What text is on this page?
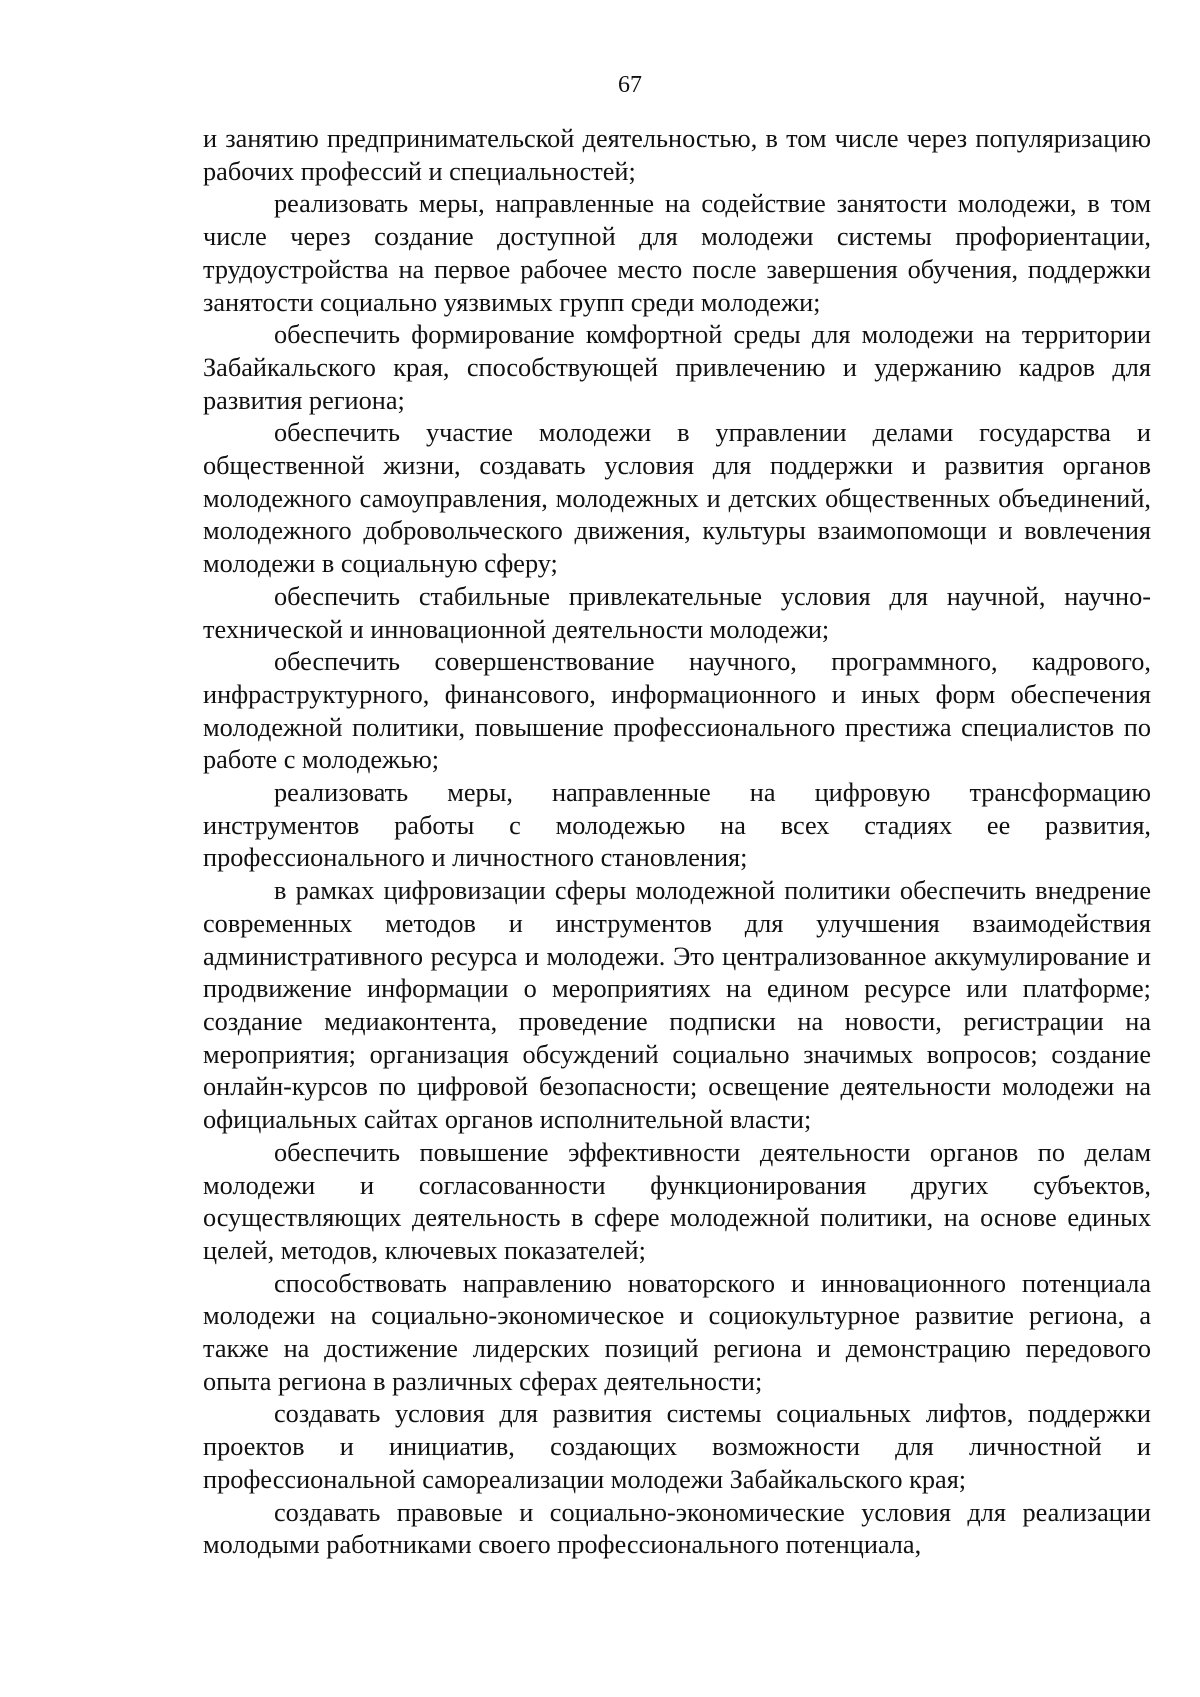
67

и занятию предпринимательской деятельностью, в том числе через популяризацию рабочих профессий и специальностей;

реализовать меры, направленные на содействие занятости молодежи, в том числе через создание доступной для молодежи системы профориентации, трудоустройства на первое рабочее место после завершения обучения, поддержки занятости социально уязвимых групп среди молодежи;

обеспечить формирование комфортной среды для молодежи на территории Забайкальского края, способствующей привлечению и удержанию кадров для развития региона;

обеспечить участие молодежи в управлении делами государства и общественной жизни, создавать условия для поддержки и развития органов молодежного самоуправления, молодежных и детских общественных объединений, молодежного добровольческого движения, культуры взаимопомощи и вовлечения молодежи в социальную сферу;

обеспечить стабильные привлекательные условия для научной, научно-технической и инновационной деятельности молодежи;

обеспечить совершенствование научного, программного, кадрового, инфраструктурного, финансового, информационного и иных форм обеспечения молодежной политики, повышение профессионального престижа специалистов по работе с молодежью;

реализовать меры, направленные на цифровую трансформацию инструментов работы с молодежью на всех стадиях ее развития, профессионального и личностного становления;

в рамках цифровизации сферы молодежной политики обеспечить внедрение современных методов и инструментов для улучшения взаимодействия административного ресурса и молодежи. Это централизованное аккумулирование и продвижение информации о мероприятиях на едином ресурсе или платформе; создание медиаконтента, проведение подписки на новости, регистрации на мероприятия; организация обсуждений социально значимых вопросов; создание онлайн-курсов по цифровой безопасности; освещение деятельности молодежи на официальных сайтах органов исполнительной власти;

обеспечить повышение эффективности деятельности органов по делам молодежи и согласованности функционирования других субъектов, осуществляющих деятельность в сфере молодежной политики, на основе единых целей, методов, ключевых показателей;

способствовать направлению новаторского и инновационного потенциала молодежи на социально-экономическое и социокультурное развитие региона, а также на достижение лидерских позиций региона и демонстрацию передового опыта региона в различных сферах деятельности;

создавать условия для развития системы социальных лифтов, поддержки проектов и инициатив, создающих возможности для личностной и профессиональной самореализации молодежи Забайкальского края;

создавать правовые и социально-экономические условия для реализации молодыми работниками своего профессионального потенциала,
